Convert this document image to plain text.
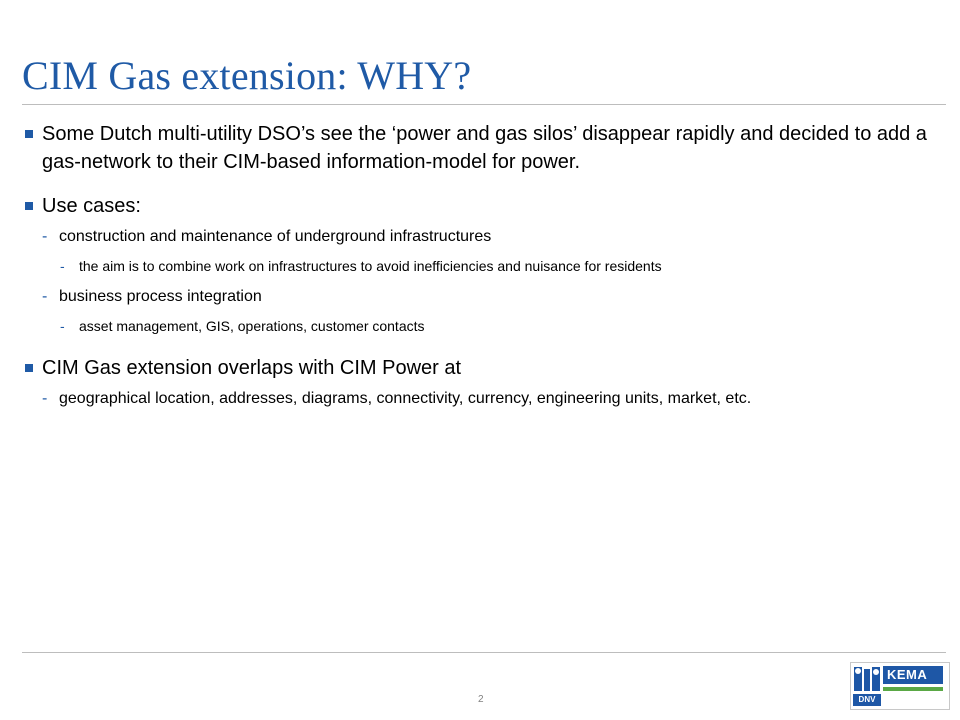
CIM Gas extension: WHY?

Some Dutch multi-utility DSO’s see the ‘power and gas silos’ disappear rapidly and decided to add a gas-network to their CIM-based information-model for power.

Use cases:

- construction and maintenance of underground infrastructures

- the aim is to combine work on infrastructures to avoid inefficiencies and nuisance for residents

- business process integration

- asset management, GIS, operations, customer contacts

CIM Gas extension overlaps with CIM Power at

- geographical location, addresses, diagrams, connectivity, currency, engineering units, market, etc.

2
KEMA
DNV
